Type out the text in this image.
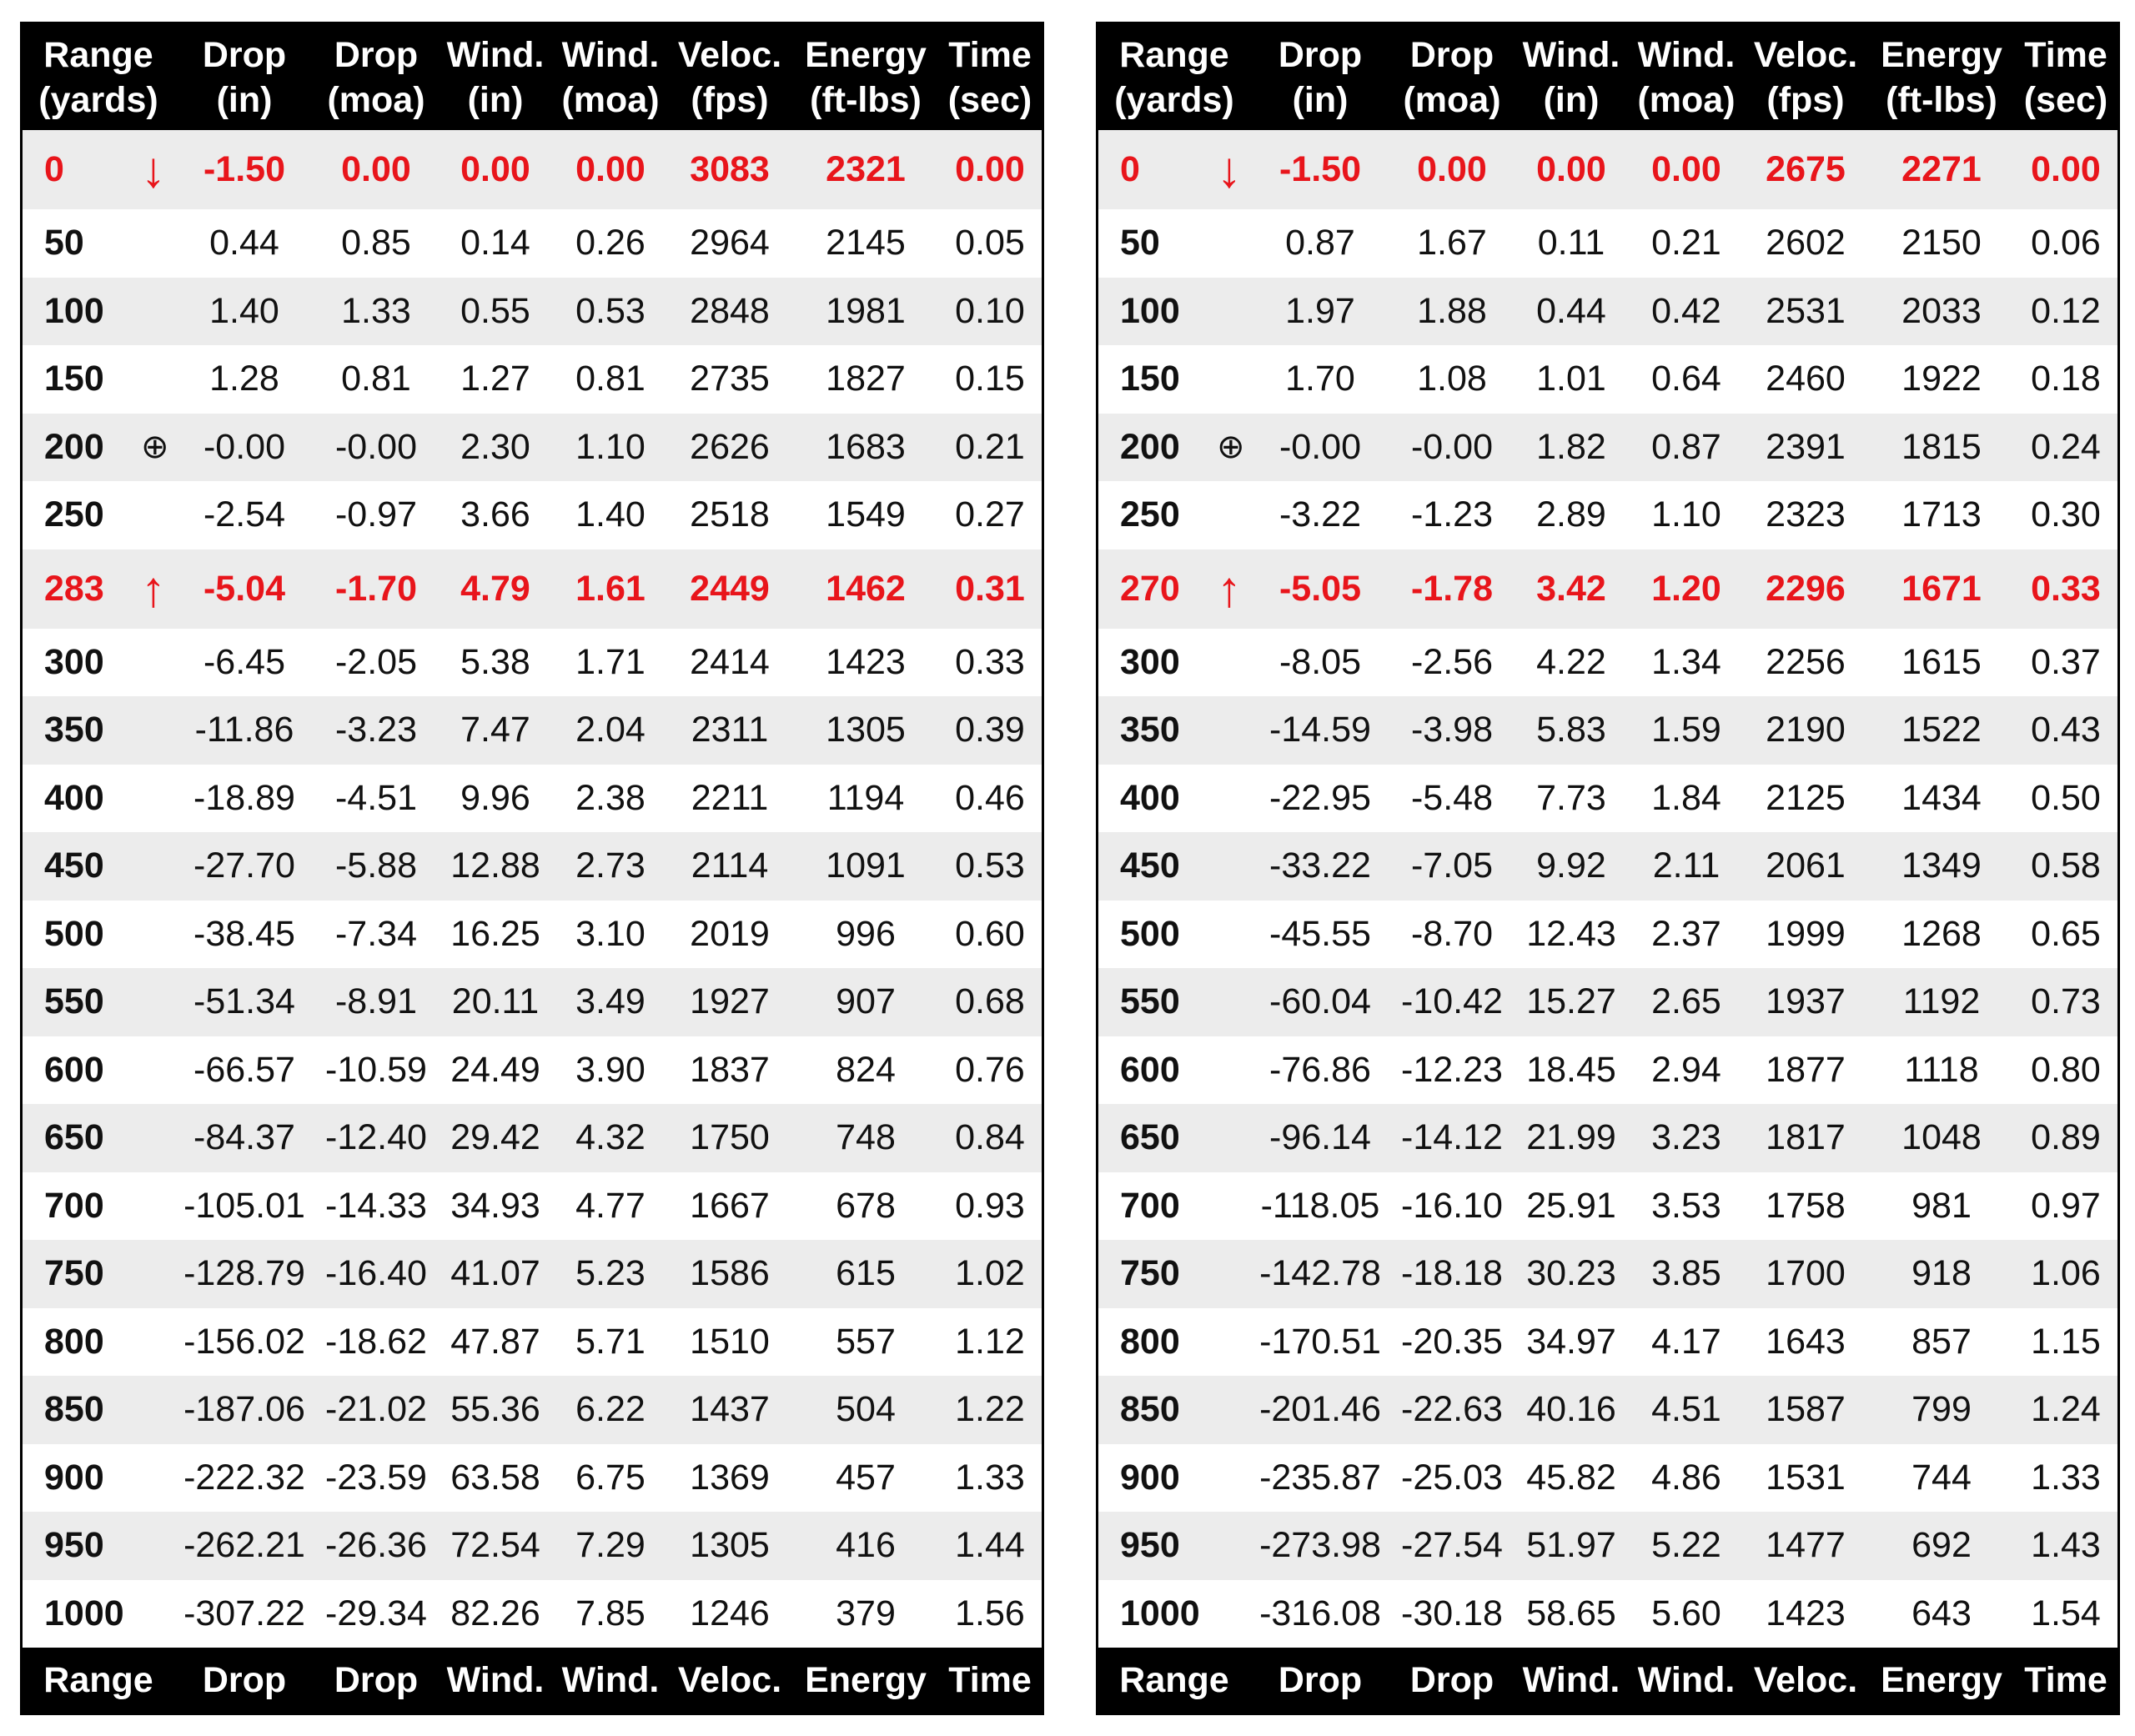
Range
(yards)
Drop
(in)
Drop
(moa)
Wind.
(in)
Wind.
(moa)
Veloc.
(fps)
Energy
(ft-lbs)
Time
(sec)
0	↓	-1.50	0.00	0.00	0.00	3083	2321	0.00
50	0.44	0.85	0.14	0.26	2964	2145	0.05
100	1.40	1.33	0.55	0.53	2848	1981	0.10
150	1.28	0.81	1.27	0.81	2735	1827	0.15
200	⊕ -0.00	-0.00	2.30	1.10	2626	1683	0.21
250	-2.54	-0.97	3.66	1.40	2518	1549	0.27
283 ↑	-5.04	-1.70	4.79	1.61	2449	1462	0.31
300	-6.45	-2.05	5.38	1.71	2414	1423	0.33
350	-11.86	-3.23	7.47	2.04	2311	1305	0.39
400	-18.89	-4.51	9.96	2.38	2211	1194	0.46
450	-27.70	-5.88 12.88 2.73	2114	1091	0.53
500	-38.45	-7.34 16.25 3.10	2019	996	0.60
550	-51.34	-8.91 20.11	3.49	1927	907	0.68
600	-66.57 -10.59 24.49 3.90	1837	824	0.76
650	-84.37 -12.40 29.42 4.32	1750	748	0.84
700	-105.01 -14.33 34.93 4.77	1667	678	0.93
750	-128.79 -16.40 41.07 5.23	1586	615	1.02
800	-156.02 -18.62 47.87 5.71	1510	557	1.12
850	-187.06 -21.02 55.36 6.22	1437	504	1.22
900	-222.32 -23.59 63.58 6.75	1369	457	1.33
950	-262.21 -26.36 72.54 7.29	1305	416	1.44
1000	-307.22 -29.34 82.26 7.85	1246	379	1.56
Range	Drop	Drop Wind. Wind. Veloc. Energy Time
Range
(yards)
Drop
(in)
Drop
(moa)
Wind.
(in)
Wind.
(moa)
Veloc.
(fps)
Energy
(ft-lbs)
Time
(sec)
0	↓	-1.50	0.00	0.00	0.00	2675	2271	0.00
50	0.87	1.67	0.11	0.21	2602	2150	0.06
100	1.97	1.88	0.44	0.42	2531	2033	0.12
150	1.70	1.08	1.01	0.64	2460	1922	0.18
200	⊕ -0.00	-0.00	1.82	0.87	2391	1815	0.24
250	-3.22	-1.23	2.89	1.10	2323	1713	0.30
270 ↑	-5.05	-1.78	3.42	1.20	2296	1671	0.33
300	-8.05	-2.56	4.22	1.34	2256	1615	0.37
350	-14.59	-3.98	5.83	1.59	2190	1522	0.43
400	-22.95	-5.48	7.73	1.84	2125	1434	0.50
450	-33.22	-7.05	9.92	2.11	2061	1349	0.58
500	-45.55	-8.70 12.43 2.37	1999	1268	0.65
550	-60.04 -10.42 15.27 2.65	1937	1192	0.73
600	-76.86 -12.23 18.45 2.94	1877	1118	0.80
650	-96.14 -14.12 21.99 3.23	1817	1048	0.89
700	-118.05 -16.10 25.91 3.53	1758	981	0.97
750	-142.78 -18.18 30.23 3.85	1700	918	1.06
800	-170.51 -20.35 34.97 4.17	1643	857	1.15
850	-201.46 -22.63 40.16 4.51	1587	799	1.24
900	-235.87 -25.03 45.82 4.86	1531	744	1.33
950	-273.98 -27.54 51.97 5.22	1477	692	1.43
1000	-316.08 -30.18 58.65 5.60	1423	643	1.54
Range	Drop	Drop Wind. Wind. Veloc. Energy Time
